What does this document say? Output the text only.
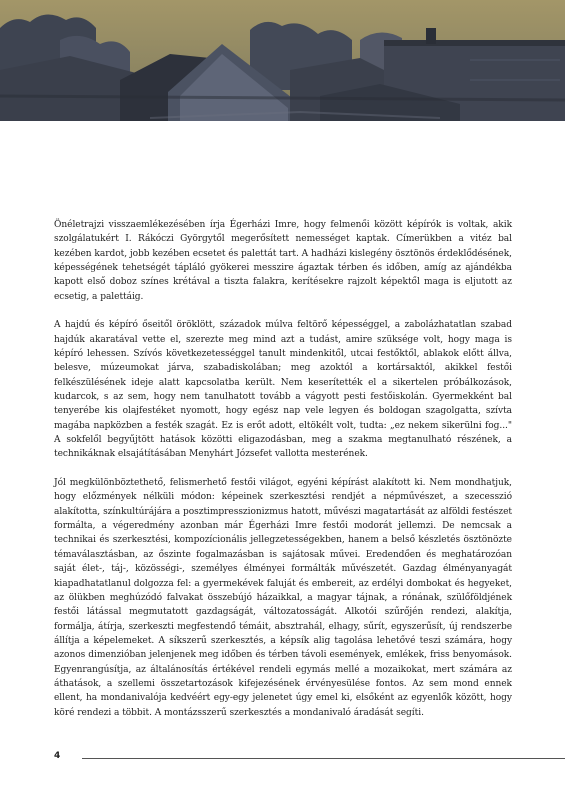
Önéletrajzi visszaemlékezésében írja Égerházi Imre, hogy felmenői között képírók is voltak, akik szolgálatukért I. Rákóczi Györgytől megerősített nemességet kaptak. Címerükben a vitéz bal kezében kardot, jobb kezében ecsetet és palettát tart. A hadházi kislegény ösztönös érdeklődésének, képességének tehetségét tápláló gyökerei messzire ágaztak térben és időben, amíg az ajándékba kapott első doboz színes krétával a tiszta falakra, kerítésekre rajzolt képektől maga is eljutott az ecsetig, a palettáig.

A hajdú és képíró őseitől öröklött, századok múlva feltörő képességgel, a zabolázhatatlan szabad hajdúk akaratával vette el, szerezte meg mind azt a tudást, amire szüksége volt, hogy maga is képíró lehessen. Szívós következetességgel tanult mindenkitől, utcai festőktől, ablakok előtt állva, belesve, múzeumokat járva, szabadiskolában; meg azoktól a kortársaktól, akikkel festői felkészülésének ideje alatt kapcsolatba került. Nem keserítették el a sikertelen próbálkozások, kudarcok, s az sem, hogy nem tanulhatott tovább a vágyott pesti festőiskolán. Gyermekként bal tenyerébe kis olajfestéket nyomott, hogy egész nap vele legyen és boldogan szagolgatta, szívta magába napközben a festék szagát. Ez is erőt adott, eltökélt volt, tudta: „ez nekem sikerülni fog..." A sokfelől begyűjtött hatások közötti eligazodásban, meg a szakma megtanulható részének, a technikáknak elsajátításában Menyhárt Józsefet vallotta mesterének.

Jól megkülönböztethető, felismerhető festői világot, egyéni képírást alakított ki. Nem mondhatjuk, hogy előzmények nélküli módon: képeinek szerkesztési rendjét a népművészet, a szecesszió alakította, színkultúrájára a posztimpresszionizmus hatott, művészi magatartását az alföldi festészet formálta, a végeredmény azonban már Égerházi Imre festői modorát jellemzi. De nemcsak a technikai és szerkesztési, kompozícionális jellegzetességekben, hanem a belső készletés ösztönözte témaválasztásban, az őszinte fogalmazásban is sajátosak művei. Eredendően és meghatározóan saját élet-, táj-, közösségi-, személyes élményei formálták művészetét. Gazdag élményanyagát kiapadhatatlanul dolgozza fel: a gyermekévek faluját és embereit, az erdélyi dombokat és hegyeket, az ölükben meghúzódó falvakat összebújó házaikkal, a magyar tájnak, a rónának, szülőföldjének festői látással megmutatott gazdagságát, változatosságát. Alkotói szűrőjén rendezi, alakítja, formálja, átírja, szerkeszti megfestendő témáit, absztrahál, elhagy, sűrít, egyszerűsít, új rendszerbe állítja a képelemeket. A síkszerű szerkesztés, a képsík alig tagolása lehetővé teszi számára, hogy azonos dimenzióban jelenjenek meg időben és térben távoli események, emlékek, friss benyomások. Egyenrangúsítja, az általánosítás értékével rendeli egymás mellé a mozaikokat, mert számára az áthatások, a szellemi összetartozások kifejezésének érvényesülése fontos. Az sem mond ennek ellent, ha mondanivalója kedvéért egy-egy jelenetet úgy emel ki, elsőként az egyenlők között, hogy köré rendezi a többit. A montázsszerű szerkesztés a mondanivaló áradását segíti.

4
